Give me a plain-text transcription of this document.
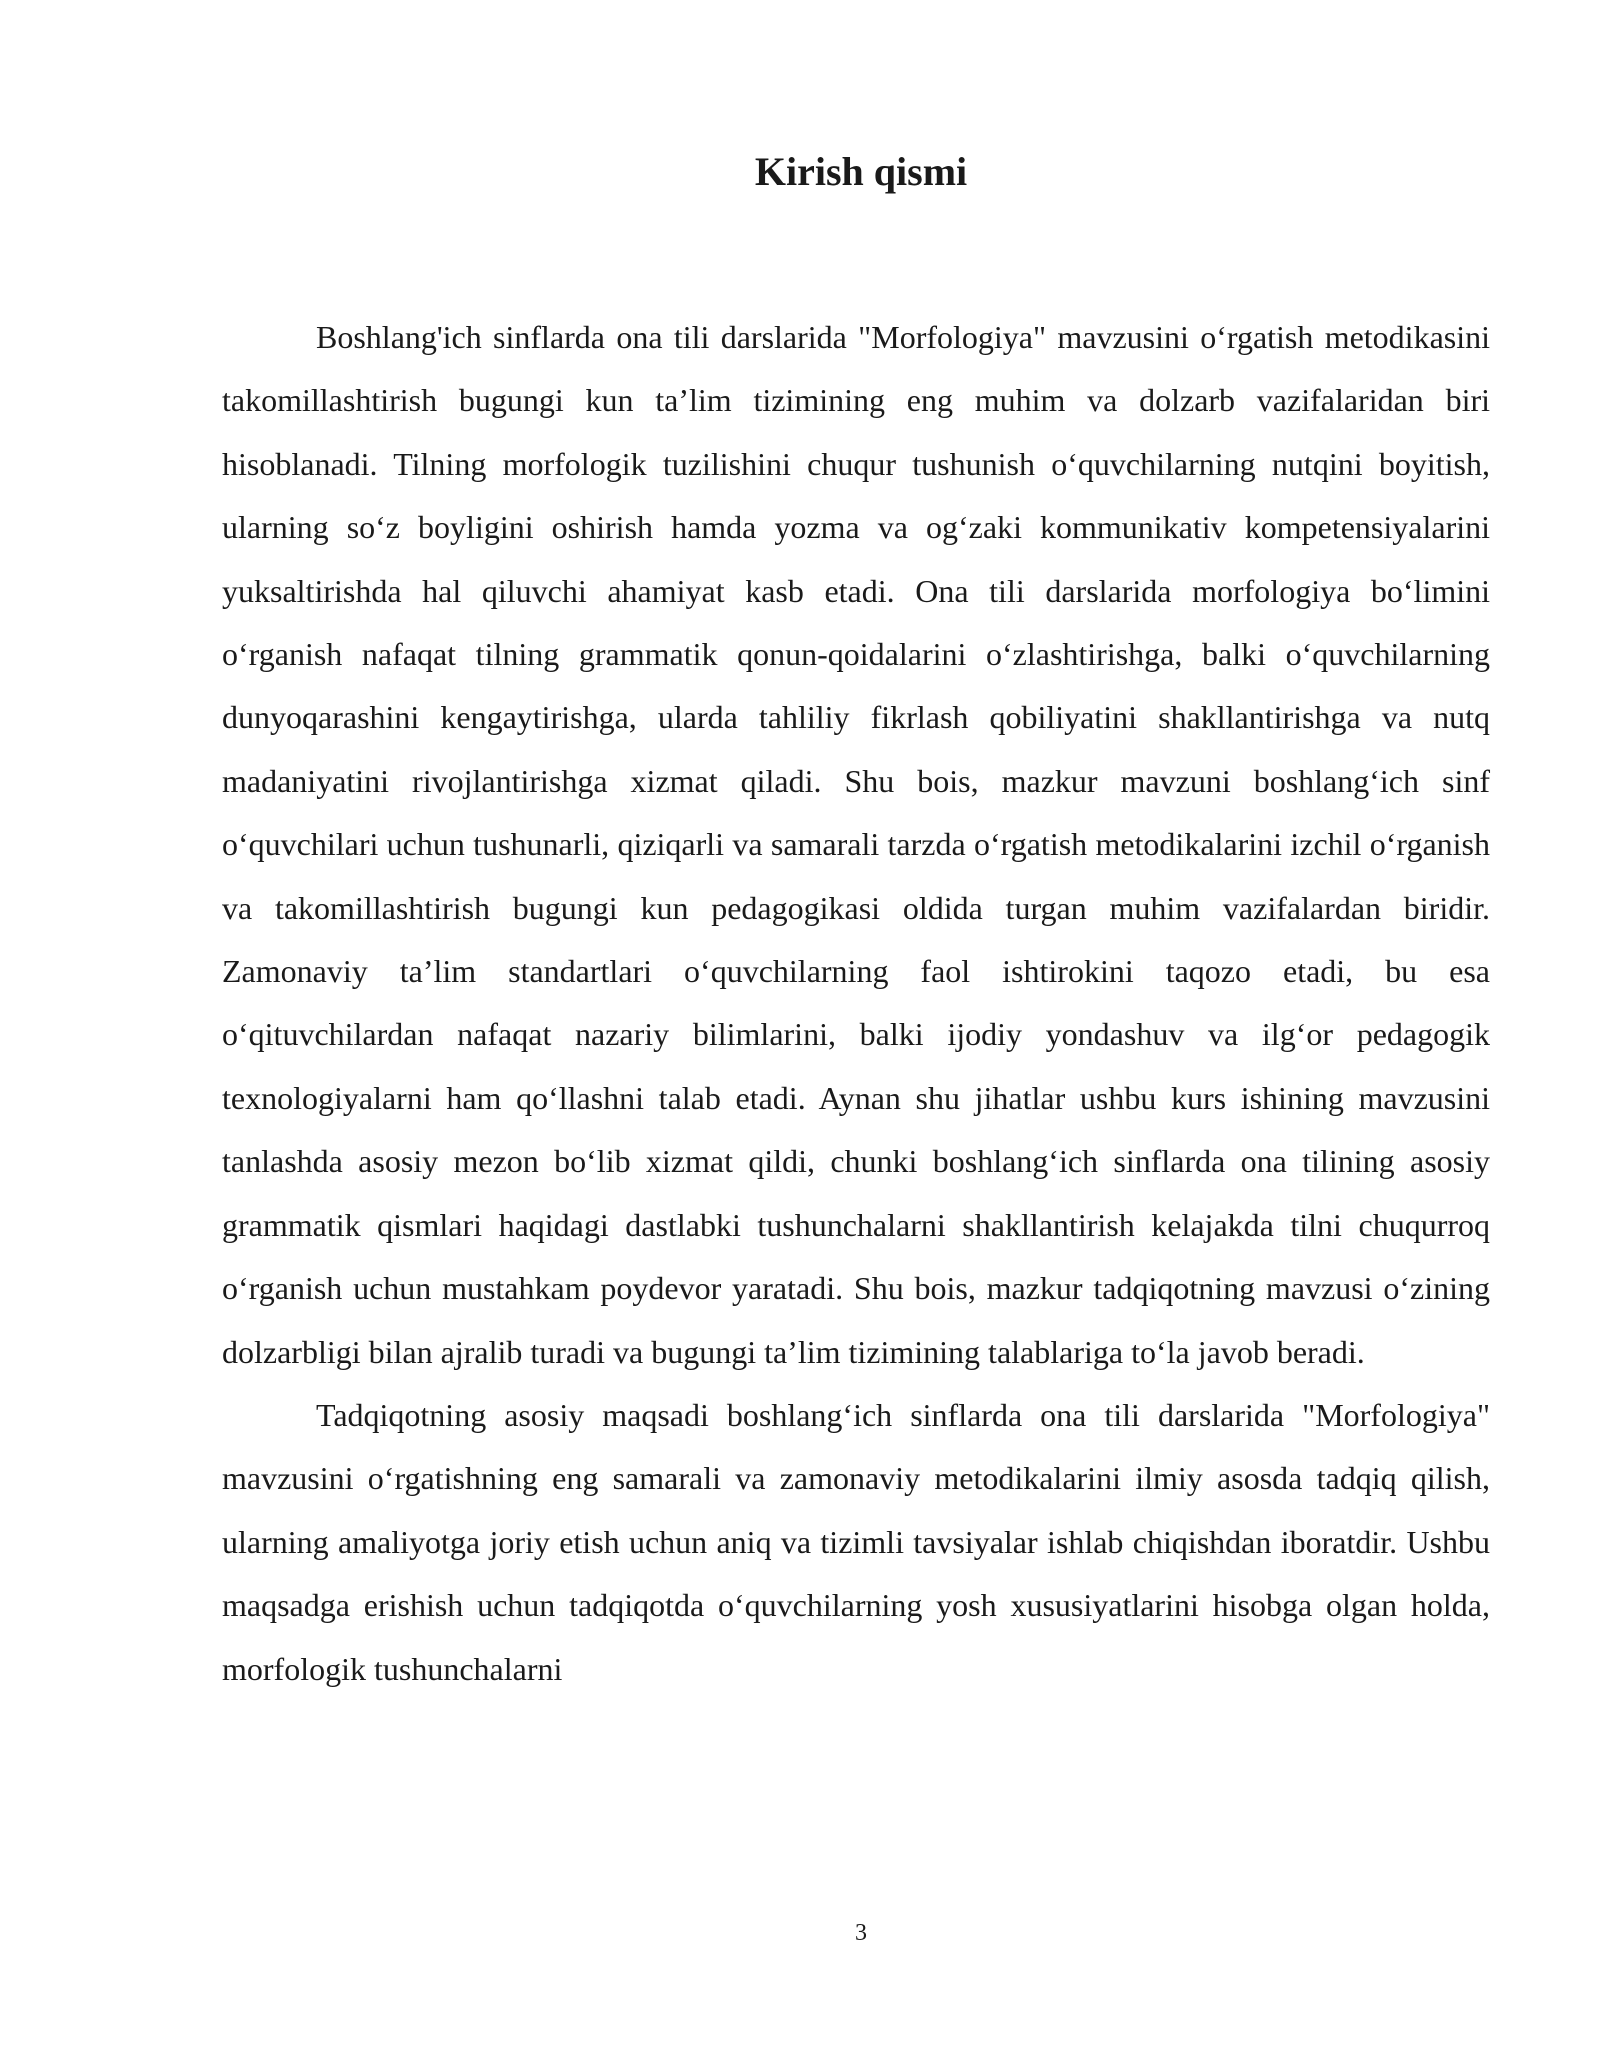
Kirish qismi

Boshlang'ich sinflarda ona tili darslarida "Morfologiya" mavzusini o‘rgatish metodikasini takomillashtirish bugungi kun ta’lim tizimining eng muhim va dolzarb vazifalaridan biri hisoblanadi. Tilning morfologik tuzilishini chuqur tushunish o‘quvchilarning nutqini boyitish, ularning so‘z boyligini oshirish hamda yozma va og‘zaki kommunikativ kompetensiyalarini yuksaltirishda hal qiluvchi ahamiyat kasb etadi. Ona tili darslarida morfologiya bo‘limini o‘rganish nafaqat tilning grammatik qonun-qoidalarini o‘zlashtirishga, balki o‘quvchilarning dunyoqarashini kengaytirishga, ularda tahliliy fikrlash qobiliyatini shakllantirishga va nutq madaniyatini rivojlantirishga xizmat qiladi. Shu bois, mazkur mavzuni boshlang‘ich sinf o‘quvchilari uchun tushunarli, qiziqarli va samarali tarzda o‘rgatish metodikalarini izchil o‘rganish va takomillashtirish bugungi kun pedagogikasi oldida turgan muhim vazifalardan biridir. Zamonaviy ta’lim standartlari o‘quvchilarning faol ishtirokini taqozo etadi, bu esa o‘qituvchilardan nafaqat nazariy bilimlarini, balki ijodiy yondashuv va ilg‘or pedagogik texnologiyalarni ham qo‘llashni talab etadi. Aynan shu jihatlar ushbu kurs ishining mavzusini tanlashda asosiy mezon bo‘lib xizmat qildi, chunki boshlang‘ich sinflarda ona tilining asosiy grammatik qismlari haqidagi dastlabki tushunchalarni shakllantirish kelajakda tilni chuqurroq o‘rganish uchun mustahkam poydevor yaratadi. Shu bois, mazkur tadqiqotning mavzusi o‘zining dolzarbligi bilan ajralib turadi va bugungi ta’lim tizimining talablariga to‘la javob beradi.

Tadqiqotning asosiy maqsadi boshlang‘ich sinflarda ona tili darslarida "Morfologiya" mavzusini o‘rgatishning eng samarali va zamonaviy metodikalarini ilmiy asosda tadqiq qilish, ularning amaliyotga joriy etish uchun aniq va tizimli tavsiyalar ishlab chiqishdan iboratdir. Ushbu maqsadga erishish uchun tadqiqotda o‘quvchilarning yosh xususiyatlarini hisobga olgan holda, morfologik tushunchalarni

3
